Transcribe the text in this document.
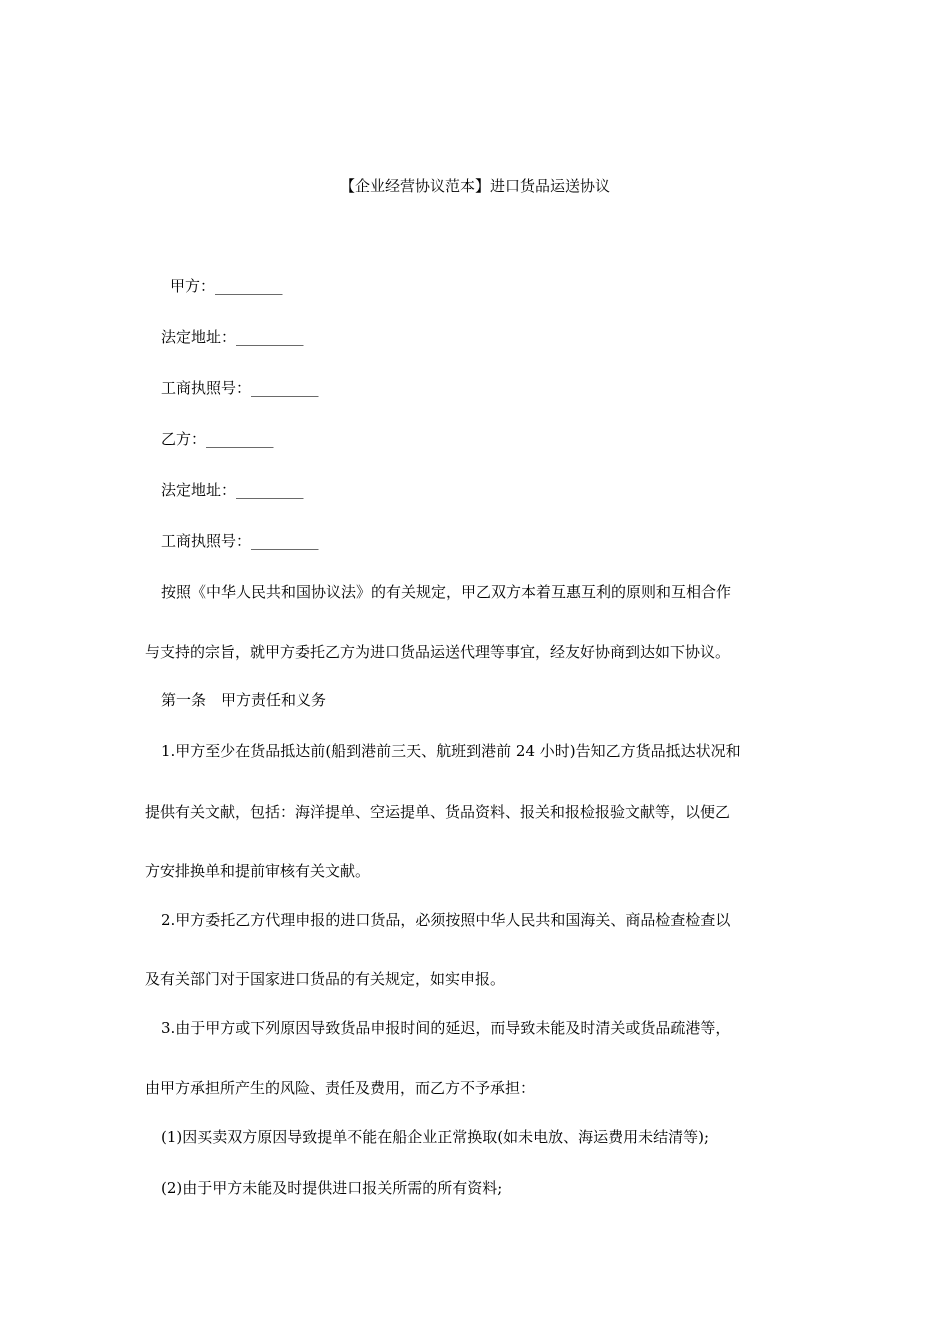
【企业经营协议范本】进口货品运送协议
甲方：_________
法定地址：_________
工商执照号：_________
乙方：_________
法定地址：_________
工商执照号：_________
按照《中华人民共和国协议法》的有关规定，甲乙双方本着互惠互利的原则和互相合作
与支持的宗旨，就甲方委托乙方为进口货品运送代理等事宜，经友好协商到达如下协议。
第一条　甲方责任和义务
1.甲方至少在货品抵达前(船到港前三天、航班到港前 24 小时)告知乙方货品抵达状况和
提供有关文献，包括：海洋提单、空运提单、货品资料、报关和报检报验文献等，以便乙
方安排换单和提前审核有关文献。
2.甲方委托乙方代理申报的进口货品，必须按照中华人民共和国海关、商品检查检查以
及有关部门对于国家进口货品的有关规定，如实申报。
3.由于甲方或下列原因导致货品申报时间的延迟，而导致未能及时清关或货品疏港等，
由甲方承担所产生的风险、责任及费用，而乙方不予承担：
(1)因买卖双方原因导致提单不能在船企业正常换取(如未电放、海运费用未结清等);
(2)由于甲方未能及时提供进口报关所需的所有资料;
